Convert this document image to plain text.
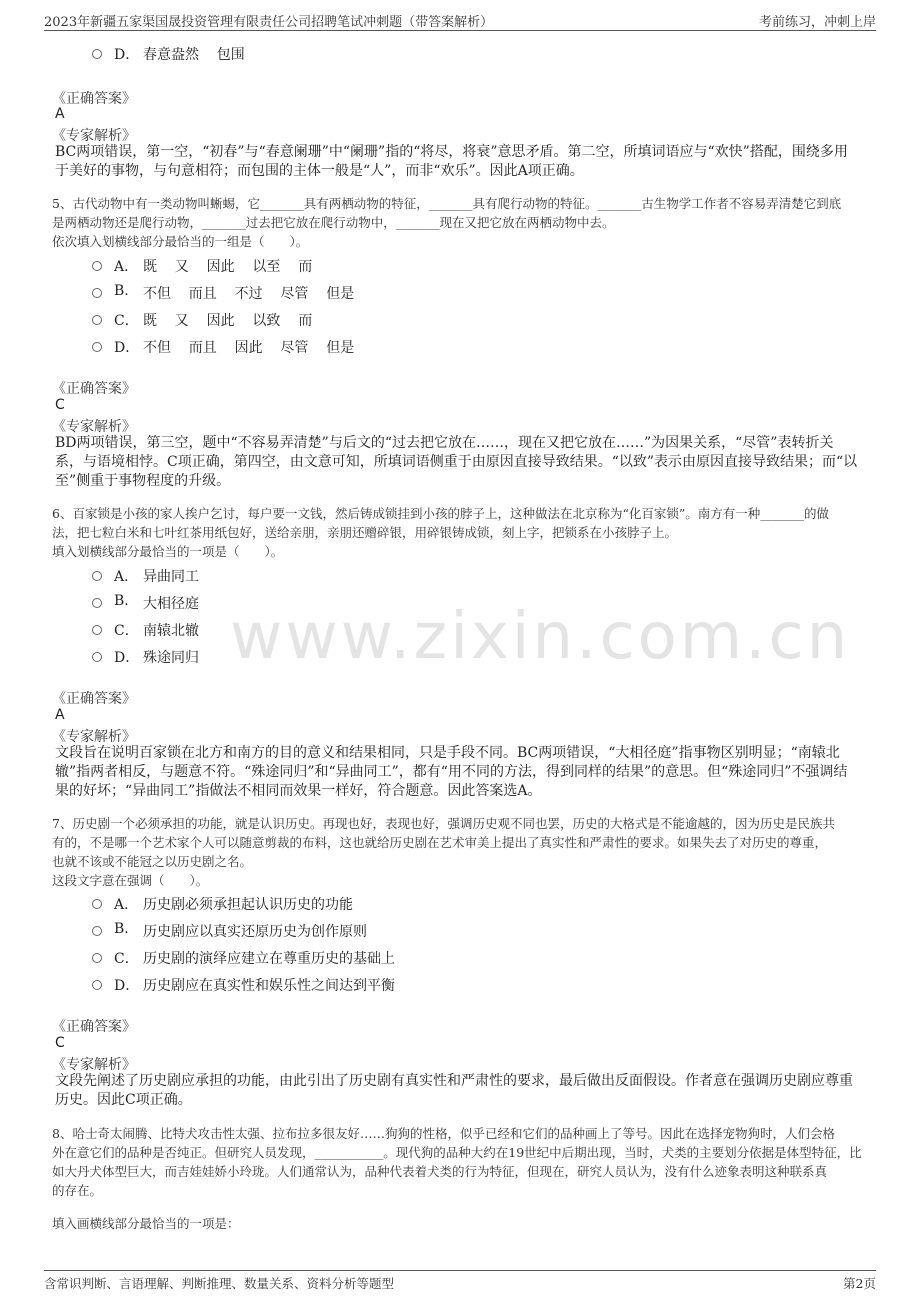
2023年新疆五家渠国晟投资管理有限责任公司招聘笔试冲刺题（带答案解析）	考前练习，冲刺上岸
www.zixin.com.cn
D． 春意盎然    包围
《正确答案》
A
《专家解析》
BC两项错误，第一空，“初春”与“春意阑珊”中“阑珊”指的“将尽，将衰”意思矛盾。第二空，所填词语应与“欢快”搭配，围绕多用于美好的事物，与句意相符；而包围的主体一般是“人”，而非“欢乐”。因此A项正确。
5、古代动物中有一类动物叫蜥蜴，它_______具有两栖动物的特征，_______具有爬行动物的特征。_______古生物学工作者不容易弄清楚它到底
是两栖动物还是爬行动物，_______过去把它放在爬行动物中，_______现在又把它放在两栖动物中去。
依次填入划横线部分最恰当的一组是（　　）。
A． 既    又    因此    以至    而
B. 不但    而且    不过    尽管    但是
C． 既    又    因此    以致    而
D． 不但    而且    因此    尽管    但是
《正确答案》
C
《专家解析》
BD两项错误，第三空，题中“不容易弄清楚”与后文的“过去把它放在……，现在又把它放在……”为因果关系，“尽管”表转折关系，与语境相悖。C项正确，第四空，由文意可知，所填词语侧重于由原因直接导致结果。“以致”表示由原因直接导致结果；而“以至”侧重于事物程度的升级。
6、百家锁是小孩的家人挨户乞讨，每户要一文钱，然后铸成锁挂到小孩的脖子上，这种做法在北京称为“化百家锁”。南方有一种_______的做
法，把七粒白米和七叶红茶用纸包好，送给亲朋，亲朋还赠碎银，用碎银铸成锁，刻上字，把锁系在小孩脖子上。
填入划横线部分最恰当的一项是（　　）。
A． 异曲同工
B. 大相径庭
C． 南辕北辙
D． 殊途同归
《正确答案》
A
《专家解析》
文段旨在说明百家锁在北方和南方的目的意义和结果相同，只是手段不同。BC两项错误，“大相径庭”指事物区别明显；“南辕北辙”指两者相反，与题意不符。“殊途同归”和“异曲同工”，都有“用不同的方法，得到同样的结果”的意思。但“殊途同归”不强调结果的好坏；“异曲同工”指做法不相同而效果一样好，符合题意。因此答案选A。
7、历史剧一个必须承担的功能，就是认识历史。再现也好，表现也好，强调历史观不同也罢，历史的大格式是不能逾越的，因为历史是民族共
有的，不是哪一个艺术家个人可以随意剪裁的布料，这也就给历史剧在艺术审美上提出了真实性和严肃性的要求。如果失去了对历史的尊重，
也就不该或不能冠之以历史剧之名。
这段文字意在强调（　　）。
A． 历史剧必须承担起认识历史的功能
B. 历史剧应以真实还原历史为创作原则
C． 历史剧的演绎应建立在尊重历史的基础上
D． 历史剧应在真实性和娱乐性之间达到平衡
《正确答案》
C
《专家解析》
文段先阐述了历史剧应承担的功能，由此引出了历史剧有真实性和严肃性的要求，最后做出反面假设。作者意在强调历史剧应尊重历史。因此C项正确。
8、哈士奇太闹腾、比特犬攻击性太强、拉布拉多很友好……狗狗的性格，似乎已经和它们的品种画上了等号。因此在选择宠物狗时，人们会格
外在意它们的品种是否纯正。但研究人员发现，___________。现代狗的品种大约在19世纪中后期出现，当时，犬类的主要划分依据是体型特征，比
如大丹犬体型巨大，而吉娃娃娇小玲珑。人们通常认为，品种代表着犬类的行为特征，但现在，研究人员认为，没有什么迹象表明这种联系真
的存在。
填入画横线部分最恰当的一项是：
含常识判断、言语理解、判断推理、数量关系、资料分析等题型	第2页
